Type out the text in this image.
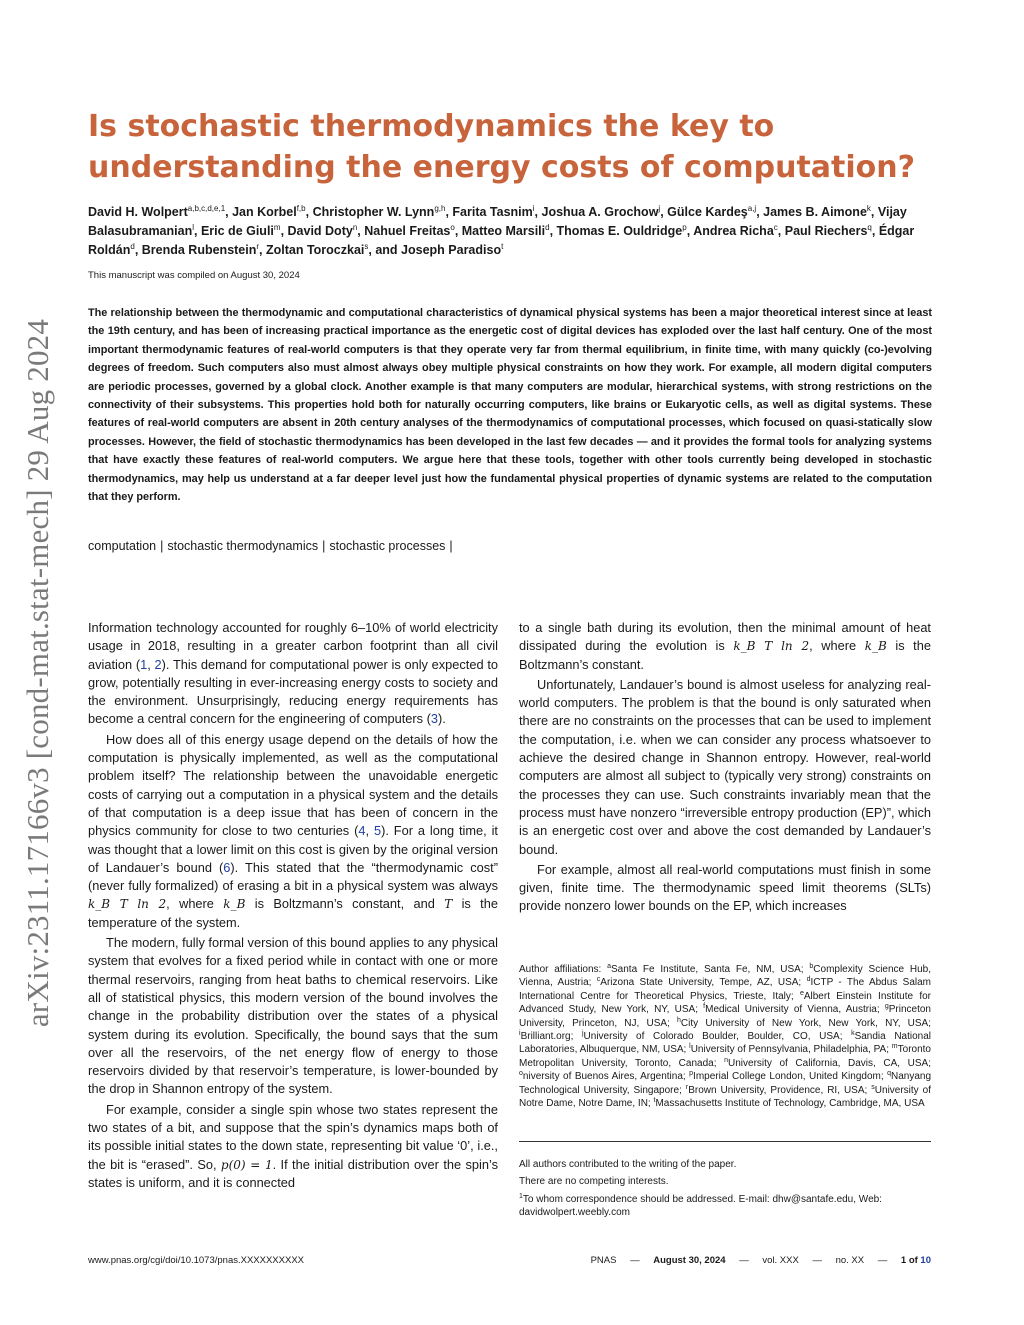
arXiv:2311.17166v3 [cond-mat.stat-mech] 29 Aug 2024
Is stochastic thermodynamics the key to understanding the energy costs of computation?
David H. Wolpert$^{a,b,c,d,e,1}$, Jan Korbel$^{f,b}$, Christopher W. Lynn$^{g,h}$, Farita Tasnim$^i$, Joshua A. Grochow$^j$, Gülce Kardeş$^{a,j}$, James B. Aimone$^k$, Vijay Balasubramanian$^l$, Eric de Giuli$^m$, David Doty$^n$, Nahuel Freitas$^o$, Matteo Marsili$^d$, Thomas E. Ouldridge$^p$, Andrea Richa$^c$, Paul Riechers$^q$, Édgar Roldán$^d$, Brenda Rubenstein$^r$, Zoltan Toroczkai$^s$, and Joseph Paradiso$^t$
This manuscript was compiled on August 30, 2024
The relationship between the thermodynamic and computational characteristics of dynamical physical systems has been a major theoretical interest since at least the 19th century, and has been of increasing practical importance as the energetic cost of digital devices has exploded over the last half century. One of the most important thermodynamic features of real-world computers is that they operate very far from thermal equilibrium, in finite time, with many quickly (co-)evolving degrees of freedom. Such computers also must almost always obey multiple physical constraints on how they work. For example, all modern digital computers are periodic processes, governed by a global clock. Another example is that many computers are modular, hierarchical systems, with strong restrictions on the connectivity of their subsystems. This properties hold both for naturally occurring computers, like brains or Eukaryotic cells, as well as digital systems. These features of real-world computers are absent in 20th century analyses of the thermodynamics of computational processes, which focused on quasi-statically slow processes. However, the field of stochastic thermodynamics has been developed in the last few decades — and it provides the formal tools for analyzing systems that have exactly these features of real-world computers. We argue here that these tools, together with other tools currently being developed in stochastic thermodynamics, may help us understand at a far deeper level just how the fundamental physical properties of dynamic systems are related to the computation that they perform.
computation | stochastic thermodynamics | stochastic processes |

Information technology accounted for roughly 6–10% of world electricity usage in 2018, resulting in a greater carbon footprint than all civil aviation (1, 2). This demand for computational power is only expected to grow, potentially resulting in ever-increasing energy costs to society and the environment. Unsurprisingly, reducing energy requirements has become a central concern for the engineering of computers (3).

How does all of this energy usage depend on the details of how the computation is physically implemented, as well as the computational problem itself? The relationship between the unavoidable energetic costs of carrying out a computation in a physical system and the details of that computation is a deep issue that has been of concern in the physics community for close to two centuries (4, 5). For a long time, it was thought that a lower limit on this cost is given by the original version of Landauer’s bound (6). This stated that the “thermodynamic cost” (never fully formalized) of erasing a bit in a physical system was always k_B T ln 2, where k_B is Boltzmann’s constant, and T is the temperature of the system.

The modern, fully formal version of this bound applies to any physical system that evolves for a fixed period while in contact with one or more thermal reservoirs, ranging from heat baths to chemical reservoirs. Like all of statistical physics, this modern version of the bound involves the change in the probability distribution over the states of a physical system during its evolution. Specifically, the bound says that the sum over all the reservoirs, of the net energy flow of energy to those reservoirs divided by that reservoir’s temperature, is lower-bounded by the drop in Shannon entropy of the system.

For example, consider a single spin whose two states represent the two states of a bit, and suppose that the spin’s dynamics maps both of its possible initial states to the down state, representing bit value ‘0’, i.e., the bit is “erased”. So, p(0) = 1. If the initial distribution over the spin’s states is uniform, and it is connected

to a single bath during its evolution, then the minimal amount of heat dissipated during the evolution is k_B T ln 2, where k_B is the Boltzmann’s constant.

Unfortunately, Landauer’s bound is almost useless for analyzing real-world computers. The problem is that the bound is only saturated when there are no constraints on the processes that can be used to implement the computation, i.e. when we can consider any process whatsoever to achieve the desired change in Shannon entropy. However, real-world computers are almost all subject to (typically very strong) constraints on the processes they can use. Such constraints invariably mean that the process must have nonzero “irreversible entropy production (EP)”, which is an energetic cost over and above the cost demanded by Landauer’s bound.

For example, almost all real-world computations must finish in some given, finite time. The thermodynamic speed limit theorems (SLTs) provide nonzero lower bounds on the EP, which increases

Author affiliations: $^a$Santa Fe Institute, Santa Fe, NM, USA; $^b$Complexity Science Hub, Vienna, Austria; $^c$Arizona State University, Tempe, AZ, USA; $^d$ICTP - The Abdus Salam International Centre for Theoretical Physics, Trieste, Italy; $^e$Albert Einstein Institute for Advanced Study, New York, NY, USA; $^f$Medical University of Vienna, Austria; $^g$Princeton University, Princeton, NJ, USA; $^h$City University of New York, New York, NY, USA; $^i$Brilliant.org; $^j$University of Colorado Boulder, Boulder, CO, USA; $^k$Sandia National Laboratories, Albuquerque, NM, USA; $^l$University of Pennsylvania, Philadelphia, PA; $^m$Toronto Metropolitan University, Toronto, Canada; $^n$University of California, Davis, CA, USA; $^o$niversity of Buenos Aires, Argentina; $^p$Imperial College London, United Kingdom; $^q$Nanyang Technological University, Singapore; $^r$Brown University, Providence, RI, USA; $^s$University of Notre Dame, Notre Dame, IN; $^t$Massachusetts Institute of Technology, Cambridge, MA, USA
All authors contributed to the writing of the paper.
There are no competing interests.
$^1$To whom correspondence should be addressed. E-mail: dhw@santafe.edu, Web: davidwolpert.weebly.com
www.pnas.org/cgi/doi/10.1073/pnas.XXXXXXXXXX	PNAS — August 30, 2024 — vol. XXX — no. XX — 1 of 10
